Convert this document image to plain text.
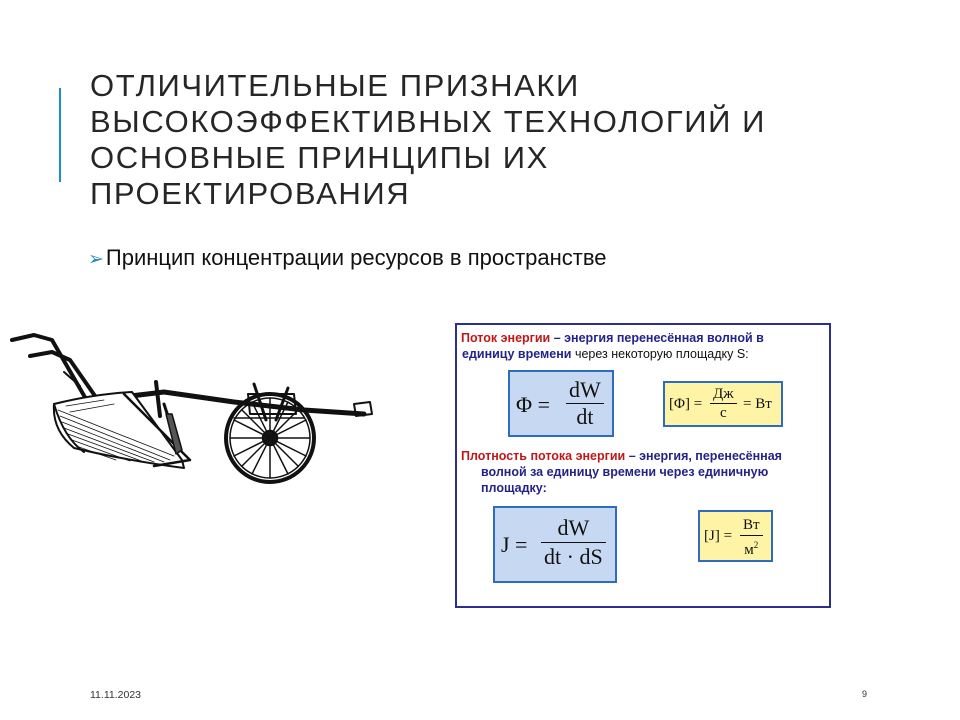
ОТЛИЧИТЕЛЬНЫЕ ПРИЗНАКИ
ВЫСОКОЭФФЕКТИВНЫХ ТЕХНОЛОГИЙ И
ОСНОВНЫЕ ПРИНЦИПЫ ИХ
ПРОЕКТИРОВАНИЯ
➢Принцип концентрации ресурсов в пространстве
Поток энергии – энергия перенесённая волной в
единицу времени через некоторую площадку S:
$\Phi = \frac{dW}{dt}$	[Φ] =
Дж
с
= Вт
Плотность потока энергии – энергия, перенесённая
волной за единицу времени через единичную
площадку:
$J = \frac{dW}{dt \cdot dS}$	[J] =
Вт
$м^2$
11.11.2023	9
